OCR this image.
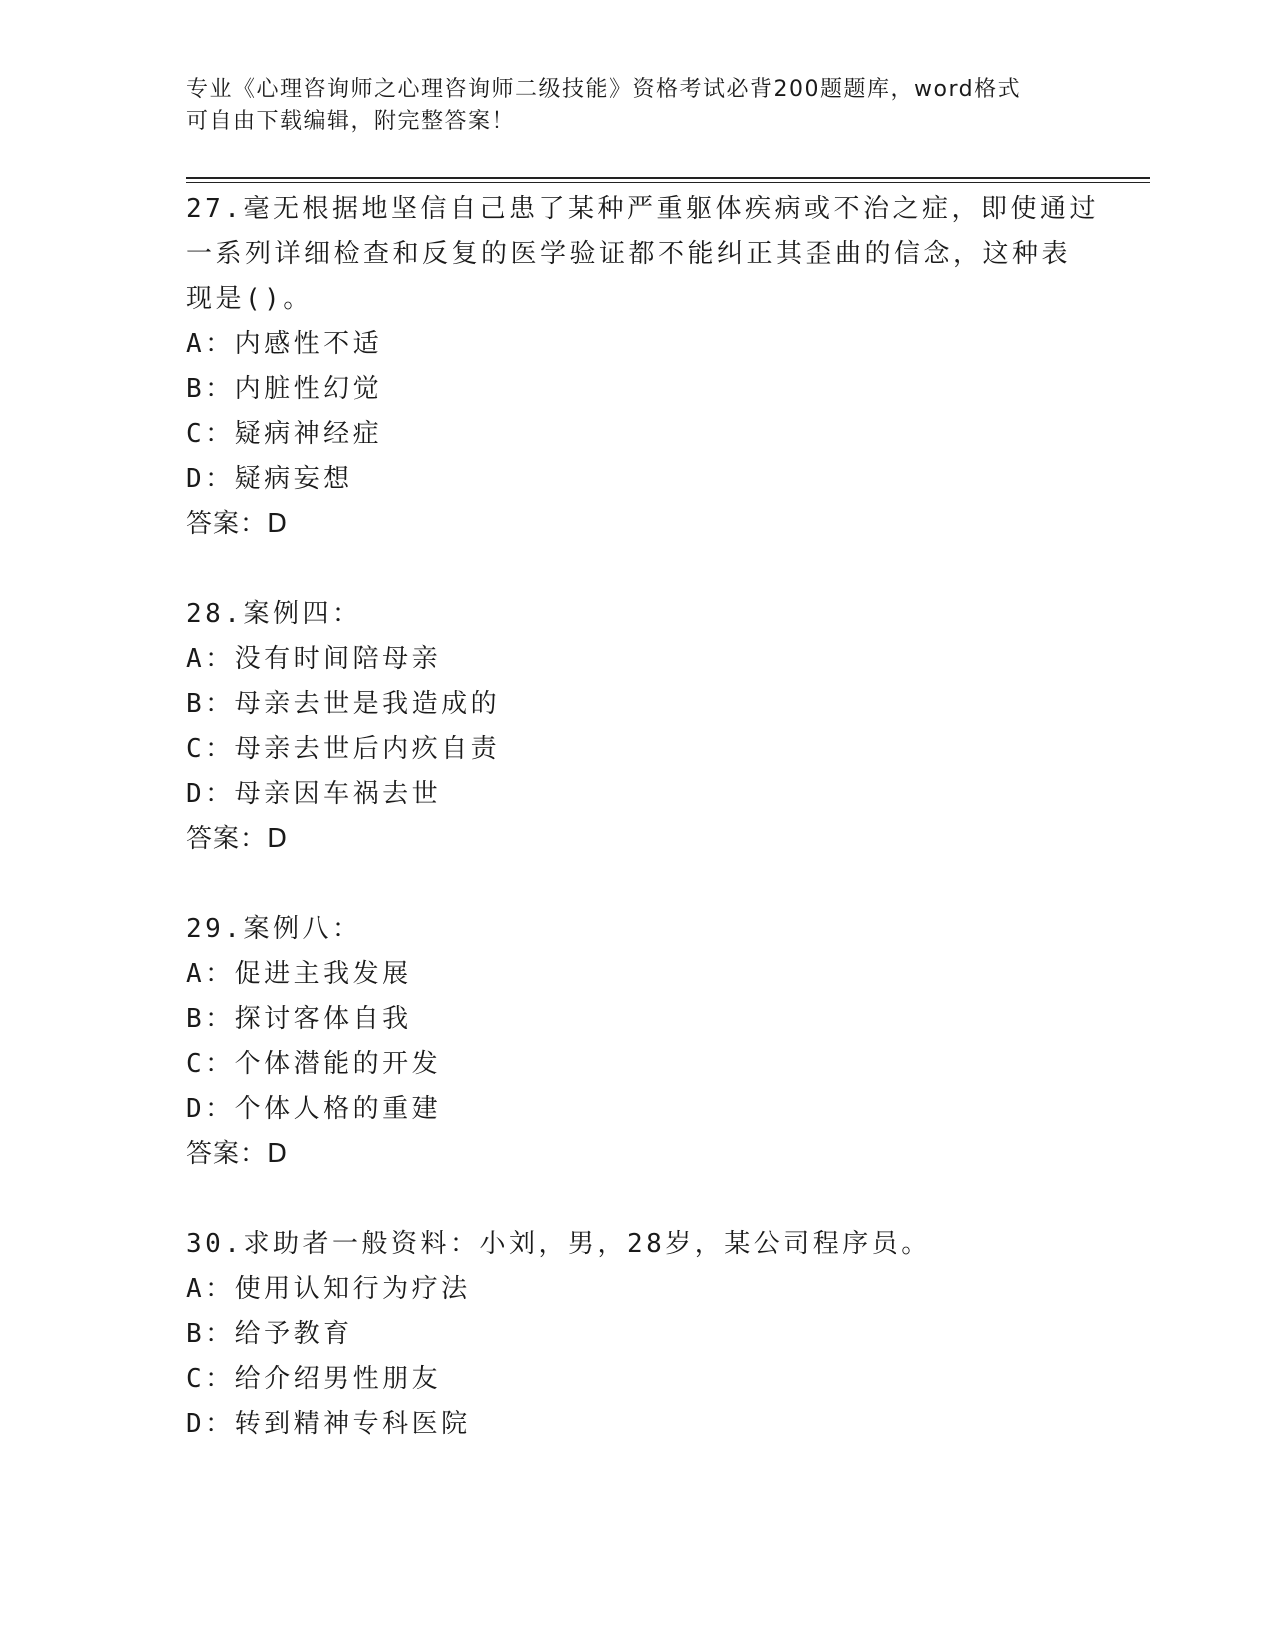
专业《心理咨询师之心理咨询师二级技能》资格考试必背200题题库，word格式
可自由下载编辑，附完整答案！
27.毫无根据地坚信自己患了某种严重躯体疾病或不治之症，即使通过
一系列详细检查和反复的医学验证都不能纠正其歪曲的信念，这种表
现是()。
A：内感性不适
B：内脏性幻觉
C：疑病神经症
D：疑病妄想
答案：D
28.案例四：
A：没有时间陪母亲
B：母亲去世是我造成的
C：母亲去世后内疚自责
D：母亲因车祸去世
答案：D
29.案例八：
A：促进主我发展
B：探讨客体自我
C：个体潜能的开发
D：个体人格的重建
答案：D
30.求助者一般资料：小刘，男，28岁，某公司程序员。
A：使用认知行为疗法
B：给予教育
C：给介绍男性朋友
D：转到精神专科医院
